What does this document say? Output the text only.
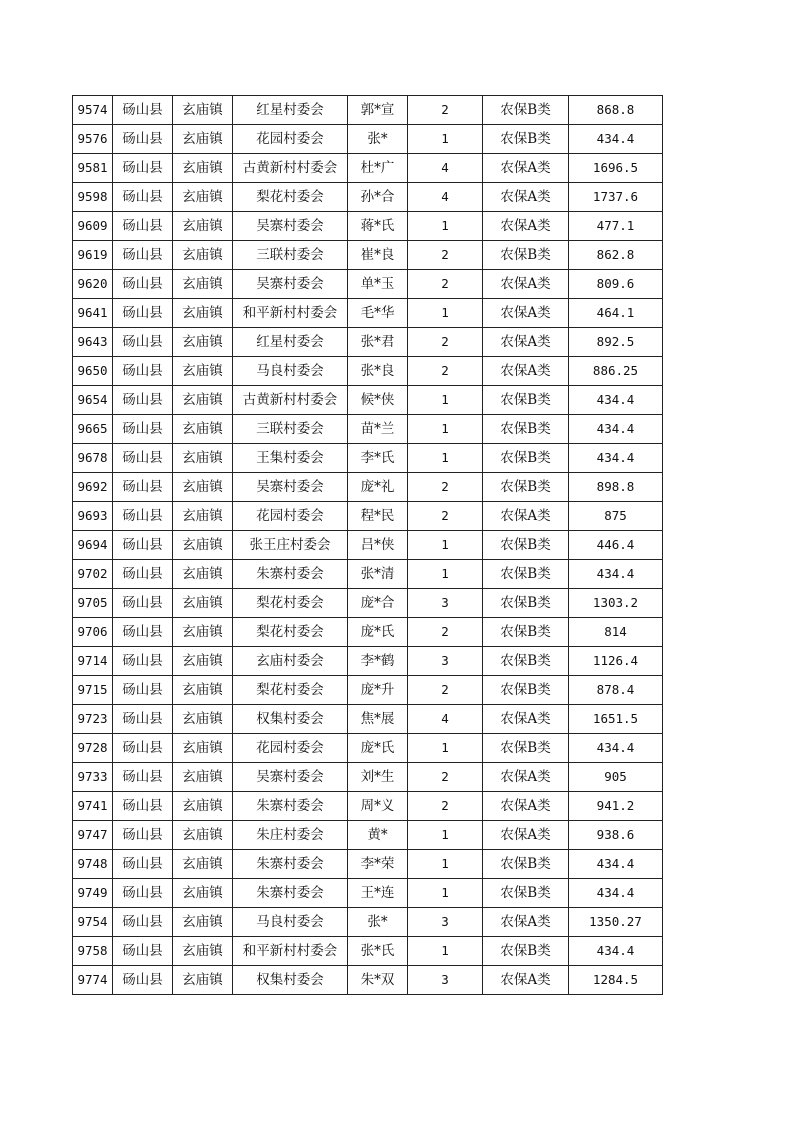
9574	砀山县	玄庙镇	红星村委会	郭*宣	2	农保B类	868.8
9576	砀山县	玄庙镇	花园村委会	张*	1	农保B类	434.4
9581	砀山县	玄庙镇	古黄新村村委会	杜*广	4	农保A类	1696.5
9598	砀山县	玄庙镇	梨花村委会	孙*合	4	农保A类	1737.6
9609	砀山县	玄庙镇	吴寨村委会	蒋*氏	1	农保A类	477.1
9619	砀山县	玄庙镇	三联村委会	崔*良	2	农保B类	862.8
9620	砀山县	玄庙镇	吴寨村委会	单*玉	2	农保A类	809.6
9641	砀山县	玄庙镇	和平新村村委会	毛*华	1	农保A类	464.1
9643	砀山县	玄庙镇	红星村委会	张*君	2	农保A类	892.5
9650	砀山县	玄庙镇	马良村委会	张*良	2	农保A类	886.25
9654	砀山县	玄庙镇	古黄新村村委会	候*侠	1	农保B类	434.4
9665	砀山县	玄庙镇	三联村委会	苗*兰	1	农保B类	434.4
9678	砀山县	玄庙镇	王集村委会	李*氏	1	农保B类	434.4
9692	砀山县	玄庙镇	吴寨村委会	庞*礼	2	农保B类	898.8
9693	砀山县	玄庙镇	花园村委会	程*民	2	农保A类	875
9694	砀山县	玄庙镇	张王庄村委会	吕*侠	1	农保B类	446.4
9702	砀山县	玄庙镇	朱寨村委会	张*清	1	农保B类	434.4
9705	砀山县	玄庙镇	梨花村委会	庞*合	3	农保B类	1303.2
9706	砀山县	玄庙镇	梨花村委会	庞*氏	2	农保B类	814
9714	砀山县	玄庙镇	玄庙村委会	李*鹤	3	农保B类	1126.4
9715	砀山县	玄庙镇	梨花村委会	庞*升	2	农保B类	878.4
9723	砀山县	玄庙镇	权集村委会	焦*展	4	农保A类	1651.5
9728	砀山县	玄庙镇	花园村委会	庞*氏	1	农保B类	434.4
9733	砀山县	玄庙镇	吴寨村委会	刘*生	2	农保A类	905
9741	砀山县	玄庙镇	朱寨村委会	周*义	2	农保A类	941.2
9747	砀山县	玄庙镇	朱庄村委会	黄*	1	农保A类	938.6
9748	砀山县	玄庙镇	朱寨村委会	李*荣	1	农保B类	434.4
9749	砀山县	玄庙镇	朱寨村委会	王*连	1	农保B类	434.4
9754	砀山县	玄庙镇	马良村委会	张*	3	农保A类	1350.27
9758	砀山县	玄庙镇	和平新村村委会	张*氏	1	农保B类	434.4
9774	砀山县	玄庙镇	权集村委会	朱*双	3	农保A类	1284.5
